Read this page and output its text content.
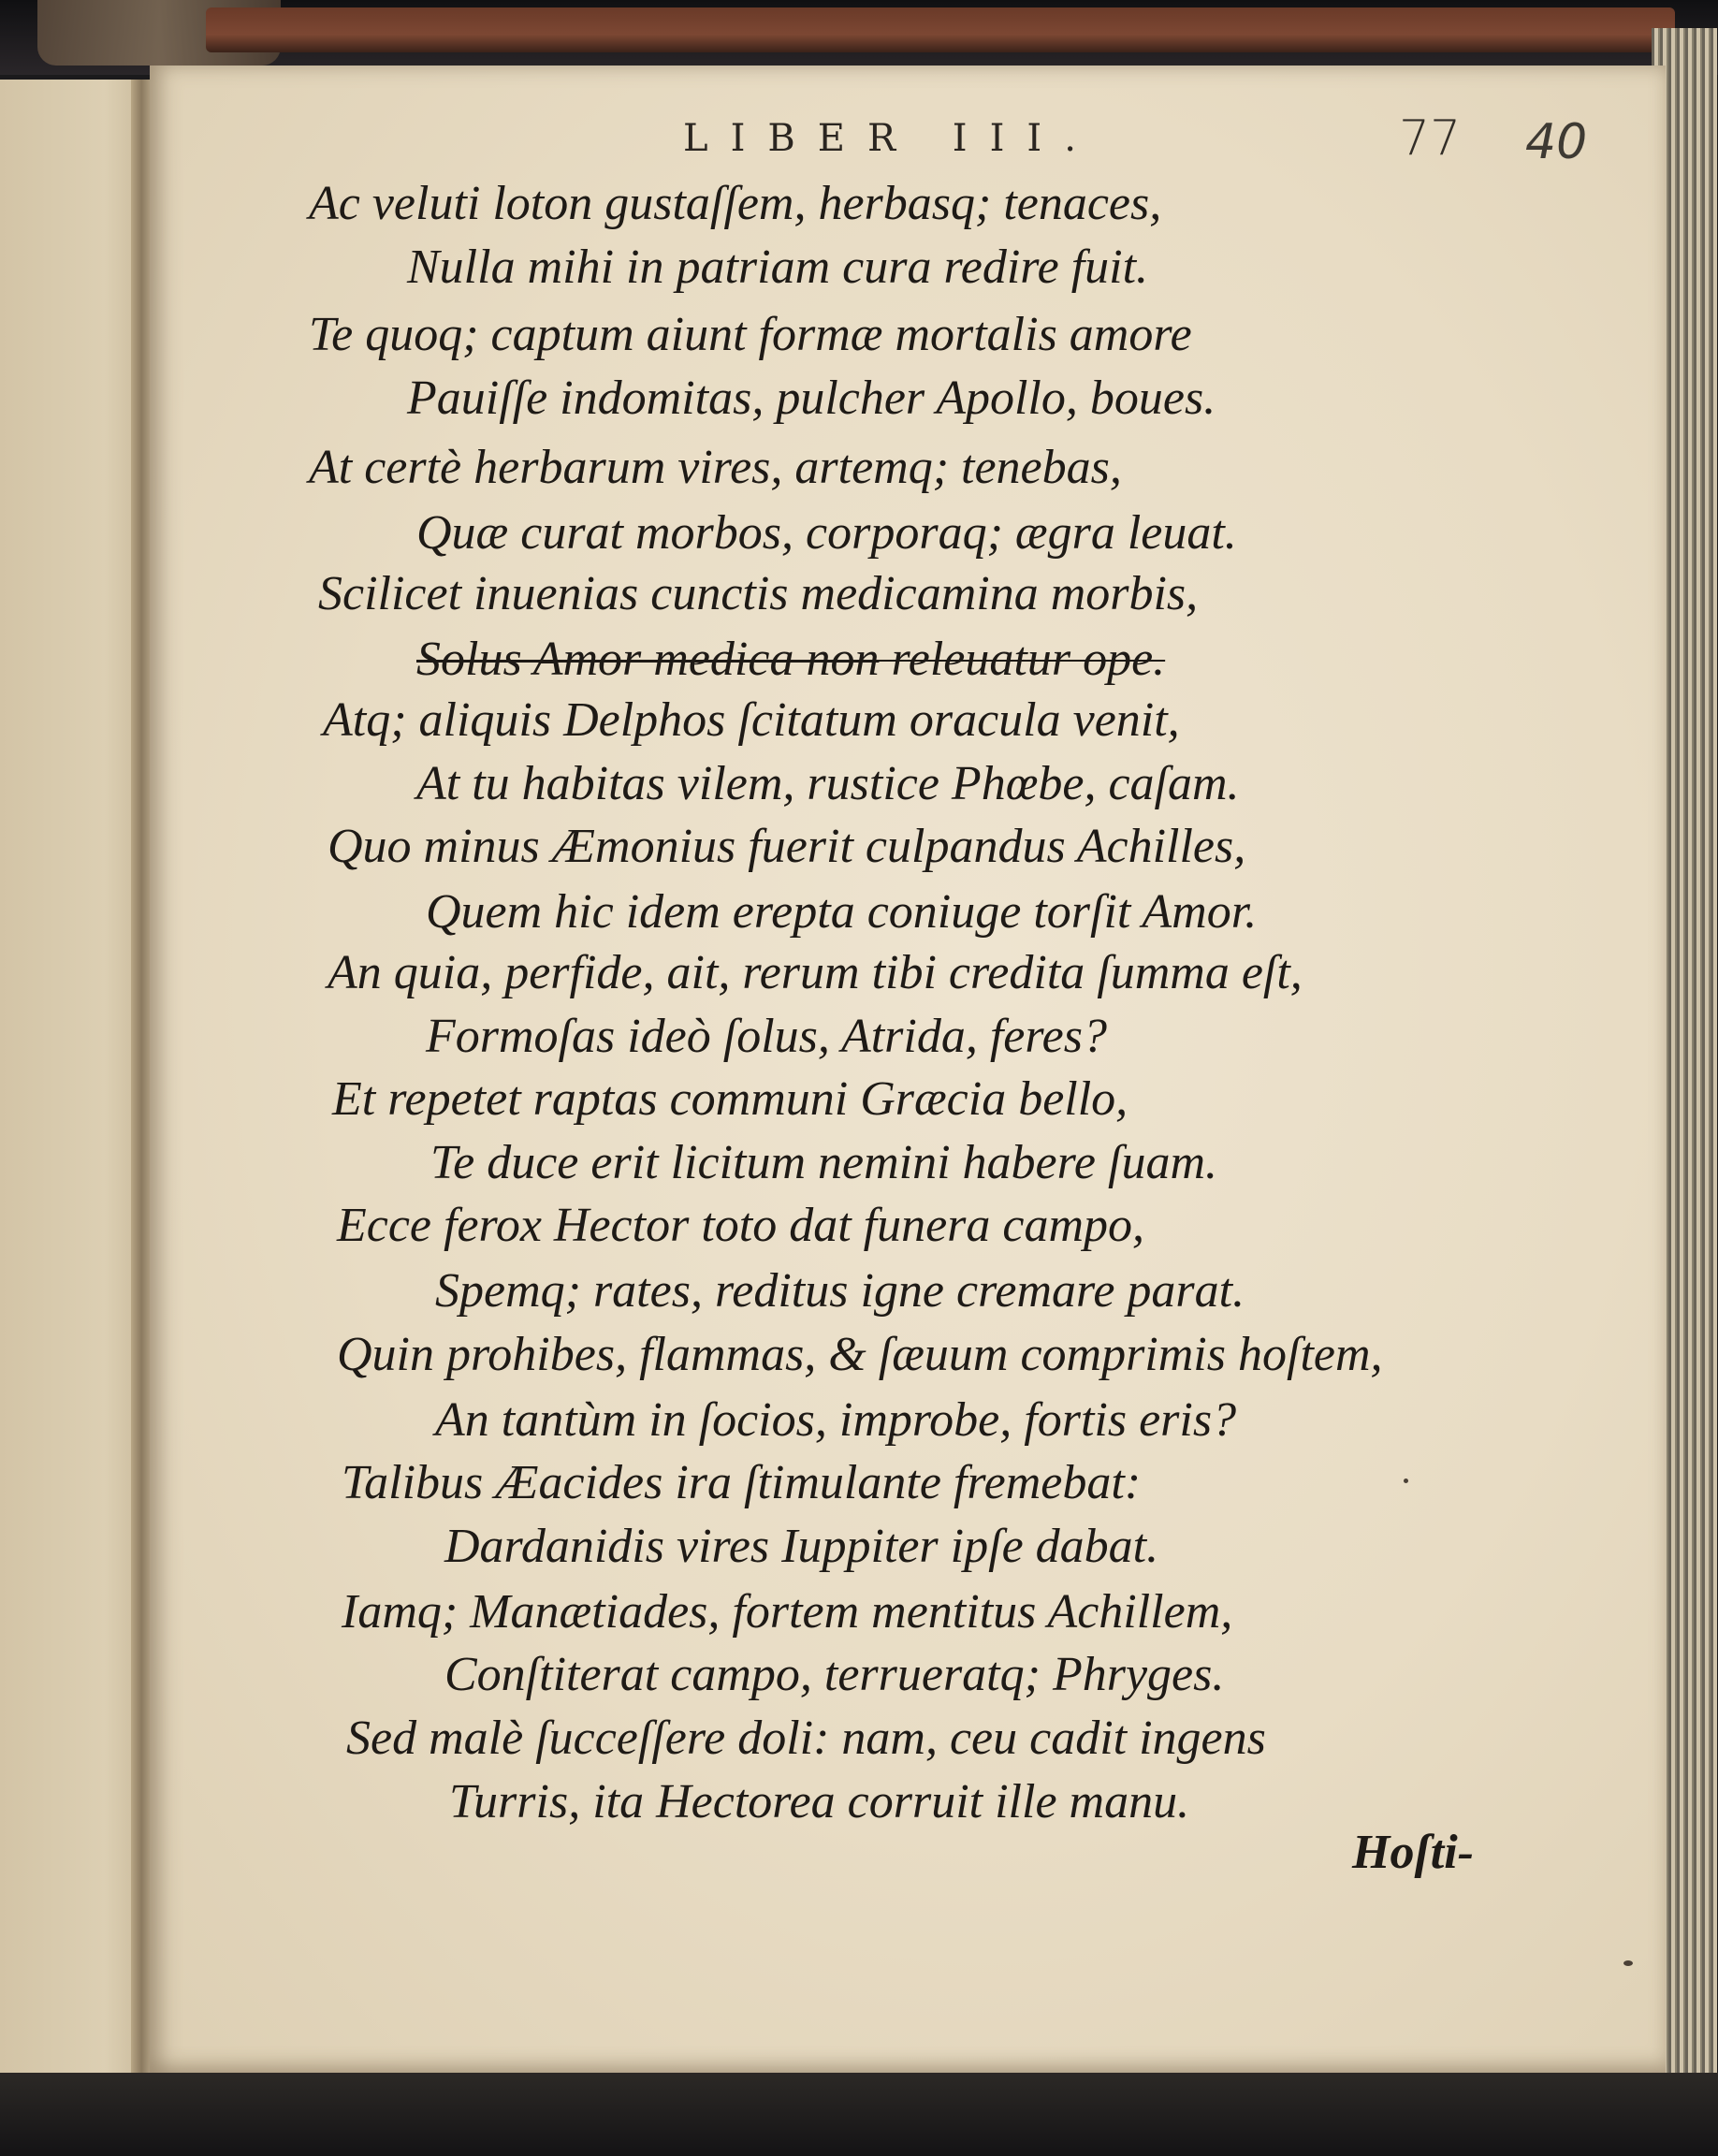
LIBER III.	77 40
Ac veluti loton gustaſſem, herbasq; tenaces,
Nulla mihi in patriam cura redire fuit.
Te quoq; captum aiunt formæ mortalis amore
Pauiſſe indomitas, pulcher Apollo, boues.
At certè herbarum vires, artemq; tenebas,
Quæ curat morbos, corporaq; ægra leuat.
Scilicet inuenias cunctis medicamina morbis,
Solus Amor medica non releuatur ope.
Atq; aliquis Delphos ſcitatum oracula venit,
At tu habitas vilem, rustice Phœbe, caſam.
Quo minus Æmonius fuerit culpandus Achilles,
Quem hic idem erepta coniuge torſit Amor.
An quia, perfide, ait, rerum tibi credita ſumma eſt,
Formoſas ideò ſolus, Atrida, feres?
Et repetet raptas communi Græcia bello,
Te duce erit licitum nemini habere ſuam.
Ecce ferox Hector toto dat funera campo,
Spemq; rates, reditus igne cremare parat.
Quin prohibes, flammas, & ſæuum comprimis hoſtem,
An tantùm in ſocios, improbe, fortis eris?
Talibus Æacides ira ſtimulante fremebat:
Dardanidis vires Iuppiter ipſe dabat.
Iamq; Manætiades, fortem mentitus Achillem,
Conſtiterat campo, terrueratq; Phryges.
Sed malè ſucceſſere doli: nam, ceu cadit ingens
Turris, ita Hectorea corruit ille manu.
Hoſti-
